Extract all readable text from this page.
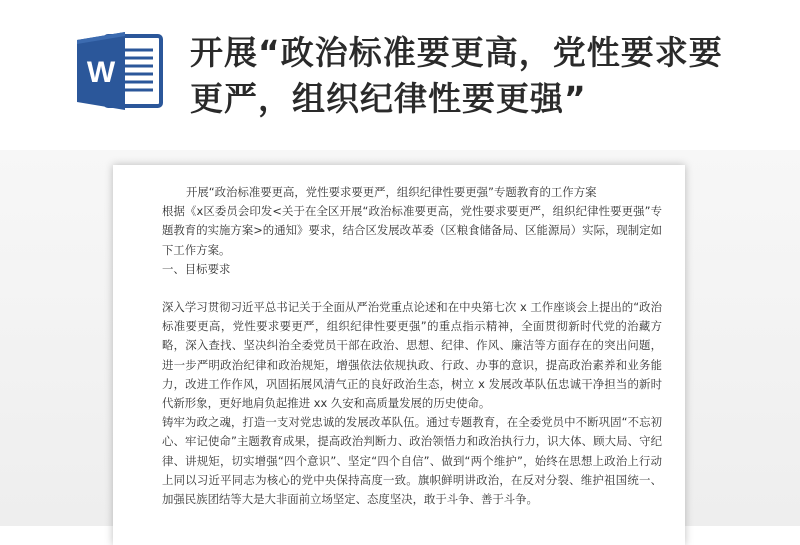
W
开展“政治标准要更高，党性要求要更严，组织纪律性要更强”

开展“政治标准要更高，党性要求要更严，组织纪律性要更强”专题教育的工作方案

根据《x区委员会印发<关于在全区开展“政治标准要更高，党性要求要更严，组织纪律性要更强”专题教育的实施方案>的通知》要求，结合区发展改革委（区粮食储备局、区能源局）实际，现制定如下工作方案。

一、目标要求

深入学习贯彻习近平总书记关于全面从严治党重点论述和在中央第七次 x 工作座谈会上提出的“政治标准要更高，党性要求要更严，组织纪律性要更强”的重点指示精神，全面贯彻新时代党的治藏方略，深入查找、坚决纠治全委党员干部在政治、思想、纪律、作风、廉洁等方面存在的突出问题，进一步严明政治纪律和政治规矩，增强依法依规执政、行政、办事的意识，提高政治素养和业务能力，改进工作作风，巩固拓展风清气正的良好政治生态，树立 x 发展改革队伍忠诚干净担当的新时代新形象，更好地肩负起推进 xx 久安和高质量发展的历史使命。

铸牢为政之魂，打造一支对党忠诚的发展改革队伍。通过专题教育，在全委党员中不断巩固“不忘初心、牢记使命”主题教育成果，提高政治判断力、政治领悟力和政治执行力，识大体、顾大局、守纪律、讲规矩，切实增强“四个意识”、坚定“四个自信”、做到“两个维护”，始终在思想上政治上行动上同以习近平同志为核心的党中央保持高度一致。旗帜鲜明讲政治，在反对分裂、维护祖国统一、加强民族团结等大是大非面前立场坚定、态度坚决，敢于斗争、善于斗争。
